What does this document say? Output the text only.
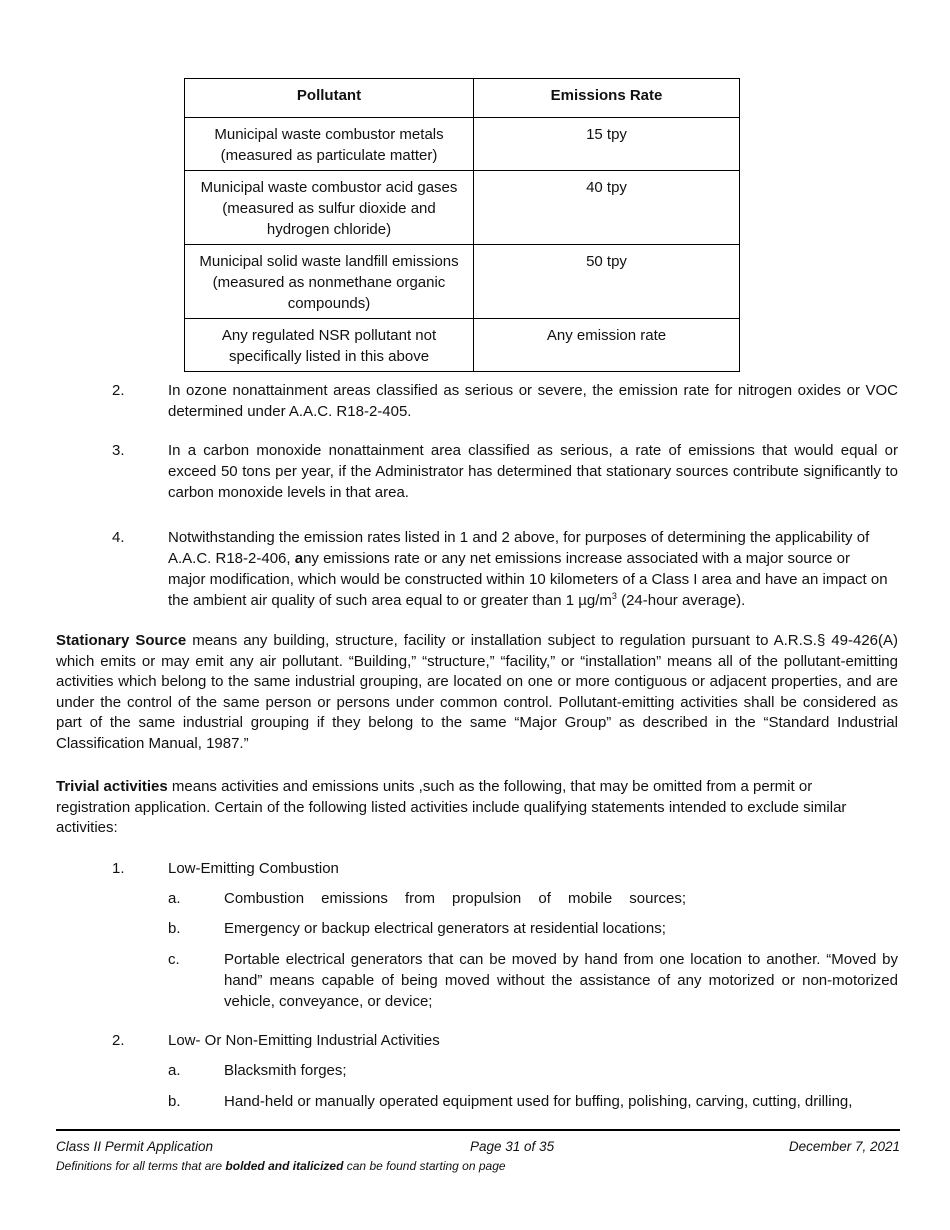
Pollutant	Emissions Rate
Municipal waste combustor metals (measured as particulate matter)	15 tpy
Municipal waste combustor acid gases (measured as sulfur dioxide and hydrogen chloride)	40 tpy
Municipal solid waste landfill emissions (measured as nonmethane organic compounds)	50 tpy
Any regulated NSR pollutant not specifically listed in this above	Any emission rate
2.	In ozone nonattainment areas classified as serious or severe, the emission rate for nitrogen oxides or VOC determined under A.A.C. R18-2-405.
3.	In a carbon monoxide nonattainment area classified as serious, a rate of emissions that would equal or exceed 50 tons per year, if the Administrator has determined that stationary sources contribute significantly to carbon monoxide levels in that area.
4.	Notwithstanding the emission rates listed in 1 and 2 above, for purposes of determining the applicability of A.A.C. R18-2-406, any emissions rate or any net emissions increase associated with a major source or major modification, which would be constructed within 10 kilometers of a Class I area and have an impact on the ambient air quality of such area equal to or greater than 1 $\mu g/m^3$ (24-hour average).
Stationary Source means any building, structure, facility or installation subject to regulation pursuant to A.R.S.§ 49-426(A) which emits or may emit any air pollutant. “Building,” “structure,” “facility,” or “installation” means all of the pollutant-emitting activities which belong to the same industrial grouping, are located on one or more contiguous or adjacent properties, and are under the control of the same person or persons under common control. Pollutant-emitting activities shall be considered as part of the same industrial grouping if they belong to the same “Major Group” as described in the “Standard Industrial Classification Manual, 1987.”
Trivial activities means activities and emissions units ,such as the following, that may be omitted from a permit or registration application. Certain of the following listed activities include qualifying statements intended to exclude similar activities:
1.	Low-Emitting Combustion
a.	Combustion emissions from propulsion of mobile sources;
b.	Emergency or backup electrical generators at residential locations;
c.	Portable electrical generators that can be moved by hand from one location to another. “Moved by hand” means capable of being moved without the assistance of any motorized or non-motorized vehicle, conveyance, or device;
2.	Low- Or Non-Emitting Industrial Activities
a.	Blacksmith forges;
b.	Hand-held or manually operated equipment used for buffing, polishing, carving, cutting, drilling,
Class II Permit Application	Page 31 of 35	December 7, 2021
Definitions for all terms that are bolded and italicized can be found starting on page
